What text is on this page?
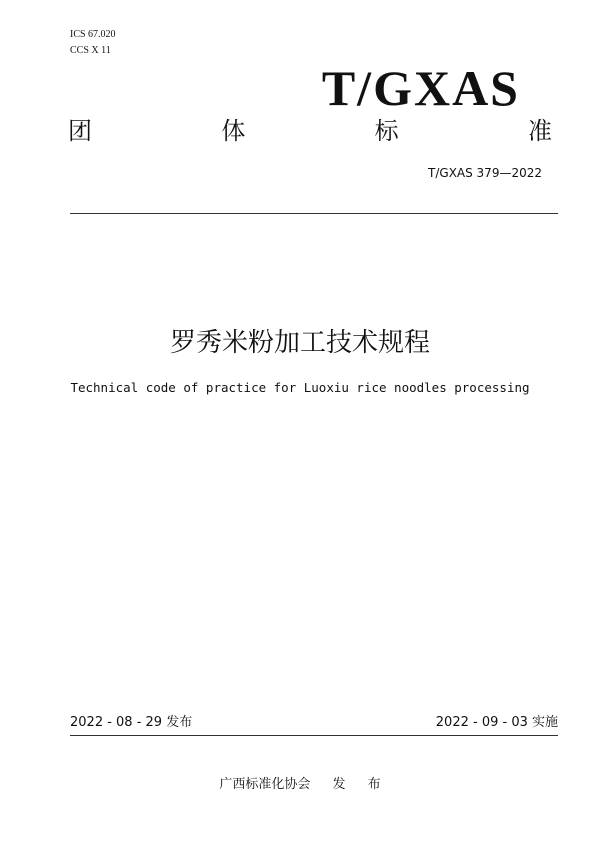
ICS 67.020
CCS X 11
T/GXAS
团	体	标	准
T/GXAS 379—2022
罗秀米粉加工技术规程
Technical code of practice for Luoxiu rice noodles processing
2022 - 08 - 29 发布	2022 - 09 - 03 实施
广西标准化协会 发 布
